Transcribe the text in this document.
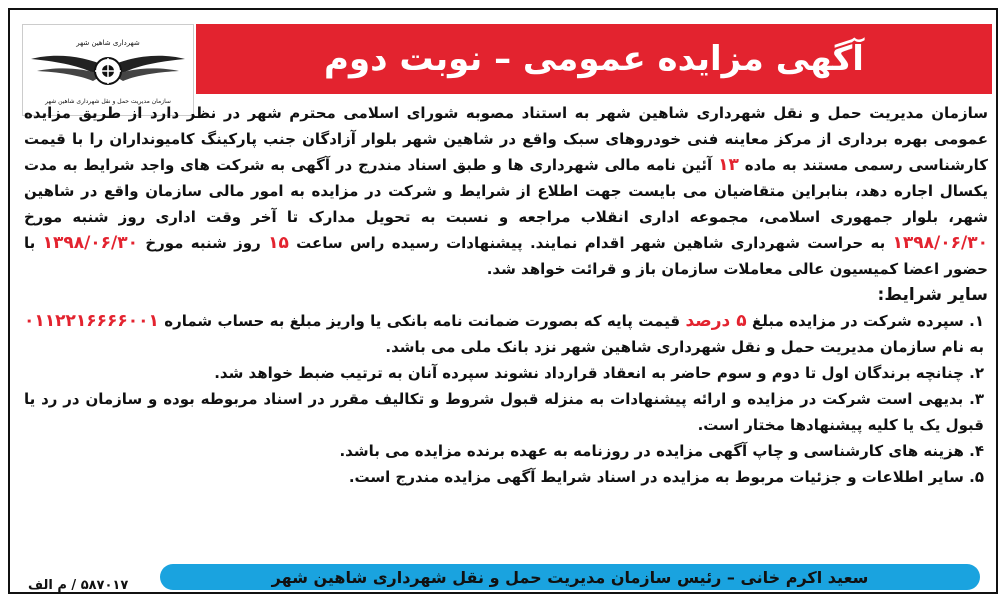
شهرداری شاهین شهر
سازمان مدیریت حمل و نقل شهرداری شاهین شهر
آگهی مزایده عمومی – نوبت دوم

سازمان مدیریت حمل و نقل شهرداری شاهین شهر به استناد مصوبه شورای اسلامی محترم شهر در نظر دارد از طریق مزایده عمومی بهره برداری از مرکز معاینه فنی خودروهای سبک واقع در شاهین شهر بلوار آزادگان جنب پارکینگ کامیونداران را با قیمت کارشناسی رسمی مستند به ماده ۱۳ آئین نامه مالی شهرداری ها و طبق اسناد مندرج در آگهی به شرکت های واجد شرایط به مدت یکسال اجاره دهد، بنابراین متقاضیان می بایست جهت اطلاع از شرایط و شرکت در مزایده به امور مالی سازمان واقع در شاهین شهر، بلوار جمهوری اسلامی، مجموعه اداری انقلاب مراجعه و نسبت به تحویل مدارک تا آخر وقت اداری روز شنبه مورخ ۱۳۹۸/۰۶/۳۰ به حراست شهرداری شاهین شهر اقدام نمایند. پیشنهادات رسیده راس ساعت ۱۵ روز شنبه مورخ ۱۳۹۸/۰۶/۳۰ با حضور اعضا کمیسیون عالی معاملات سازمان باز و قرائت خواهد شد.

سایر شرایط:

۱. سپرده شرکت در مزایده مبلغ ۵ درصد قیمت پایه که بصورت ضمانت نامه بانکی یا واریز مبلغ به حساب شماره ۰۱۱۲۲۱۶۶۶۶۰۰۱ به نام سازمان مدیریت حمل و نقل شهرداری شاهین شهر نزد بانک ملی می باشد.

۲. چنانچه برندگان اول تا دوم و سوم حاضر به انعقاد قرارداد نشوند سپرده آنان به ترتیب ضبط خواهد شد.

۳. بدیهی است شرکت در مزایده و ارائه پیشنهادات به منزله قبول شروط و تکالیف مقرر در اسناد مربوطه بوده و سازمان در رد یا قبول یک یا کلیه پیشنهادها مختار است.

۴. هزینه های کارشناسی و چاپ آگهی مزایده در روزنامه به عهده برنده مزایده می باشد.

۵. سایر اطلاعات و جزئیات مربوط به مزایده در اسناد شرایط آگهی مزایده مندرج است.

۵۸۷۰۱۷ / م الف	سعید اکرم خانی – رئیس سازمان مدیریت حمل و نقل شهرداری شاهین شهر
